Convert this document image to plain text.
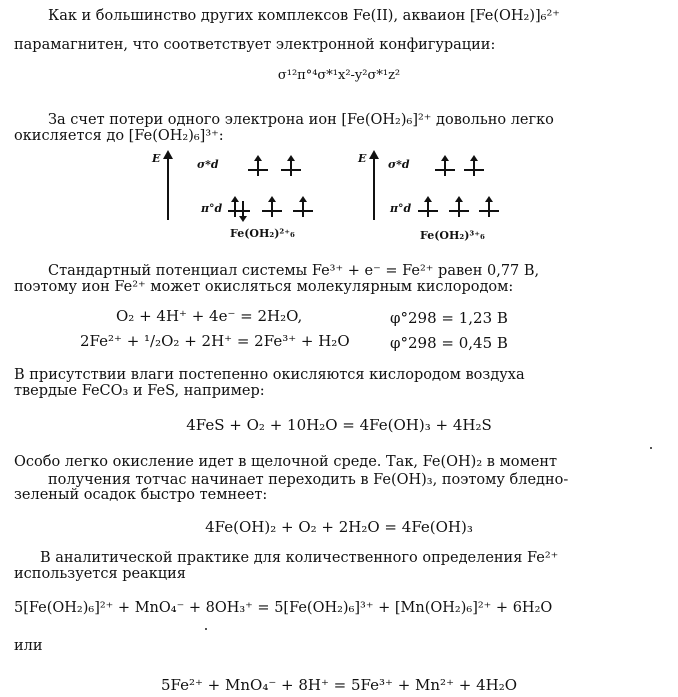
Как и большинство других комплексов Fe(II), акваион [Fe(OH₂)]₆²⁺
парамагнитен, что соответствует электронной конфигурации:
σ¹²π°⁴σ*¹x²-y²σ*¹z²
За счет потери одного электрона ион [Fe(OH₂)₆]²⁺ довольно легко
окисляется до [Fe(OH₂)₆]³⁺:
E	σ*d
π°d
Fe(OH₂)²⁺₆
E σ*d
π°d
Fe(OH₂)³⁺₆
Стандартный потенциал системы Fe³⁺ + e⁻ = Fe²⁺ равен 0,77 В,
поэтому ион Fe²⁺ может окисляться молекулярным кислородом:
O₂ + 4H⁺ + 4e⁻ = 2H₂O,	φ°298 = 1,23 В
2Fe²⁺ + ¹/₂O₂ + 2H⁺ = 2Fe³⁺ + H₂O	φ°298 = 0,45 В
В присутствии влаги постепенно окисляются кислородом воздуха
твердые FeCO₃ и FeS, например:
4FeS + O₂ + 10H₂O = 4Fe(OH)₃ + 4H₂S
Особо легко окисление идет в щелочной среде. Так, Fe(OH)₂ в момент
получения тотчас начинает переходить в Fe(OH)₃, поэтому бледно-
зеленый осадок быстро темнеет:
4Fe(OH)₂ + O₂ + 2H₂O = 4Fe(OH)₃
В аналитической практике для количественного определения Fe²⁺
используется реакция
5[Fe(OH₂)₆]²⁺ + MnO₄⁻ + 8OH₃⁺ = 5[Fe(OH₂)₆]³⁺ + [Mn(OH₂)₆]²⁺ + 6H₂O
или
5Fe²⁺ + MnO₄⁻ + 8H⁺ = 5Fe³⁺ + Mn²⁺ + 4H₂O
